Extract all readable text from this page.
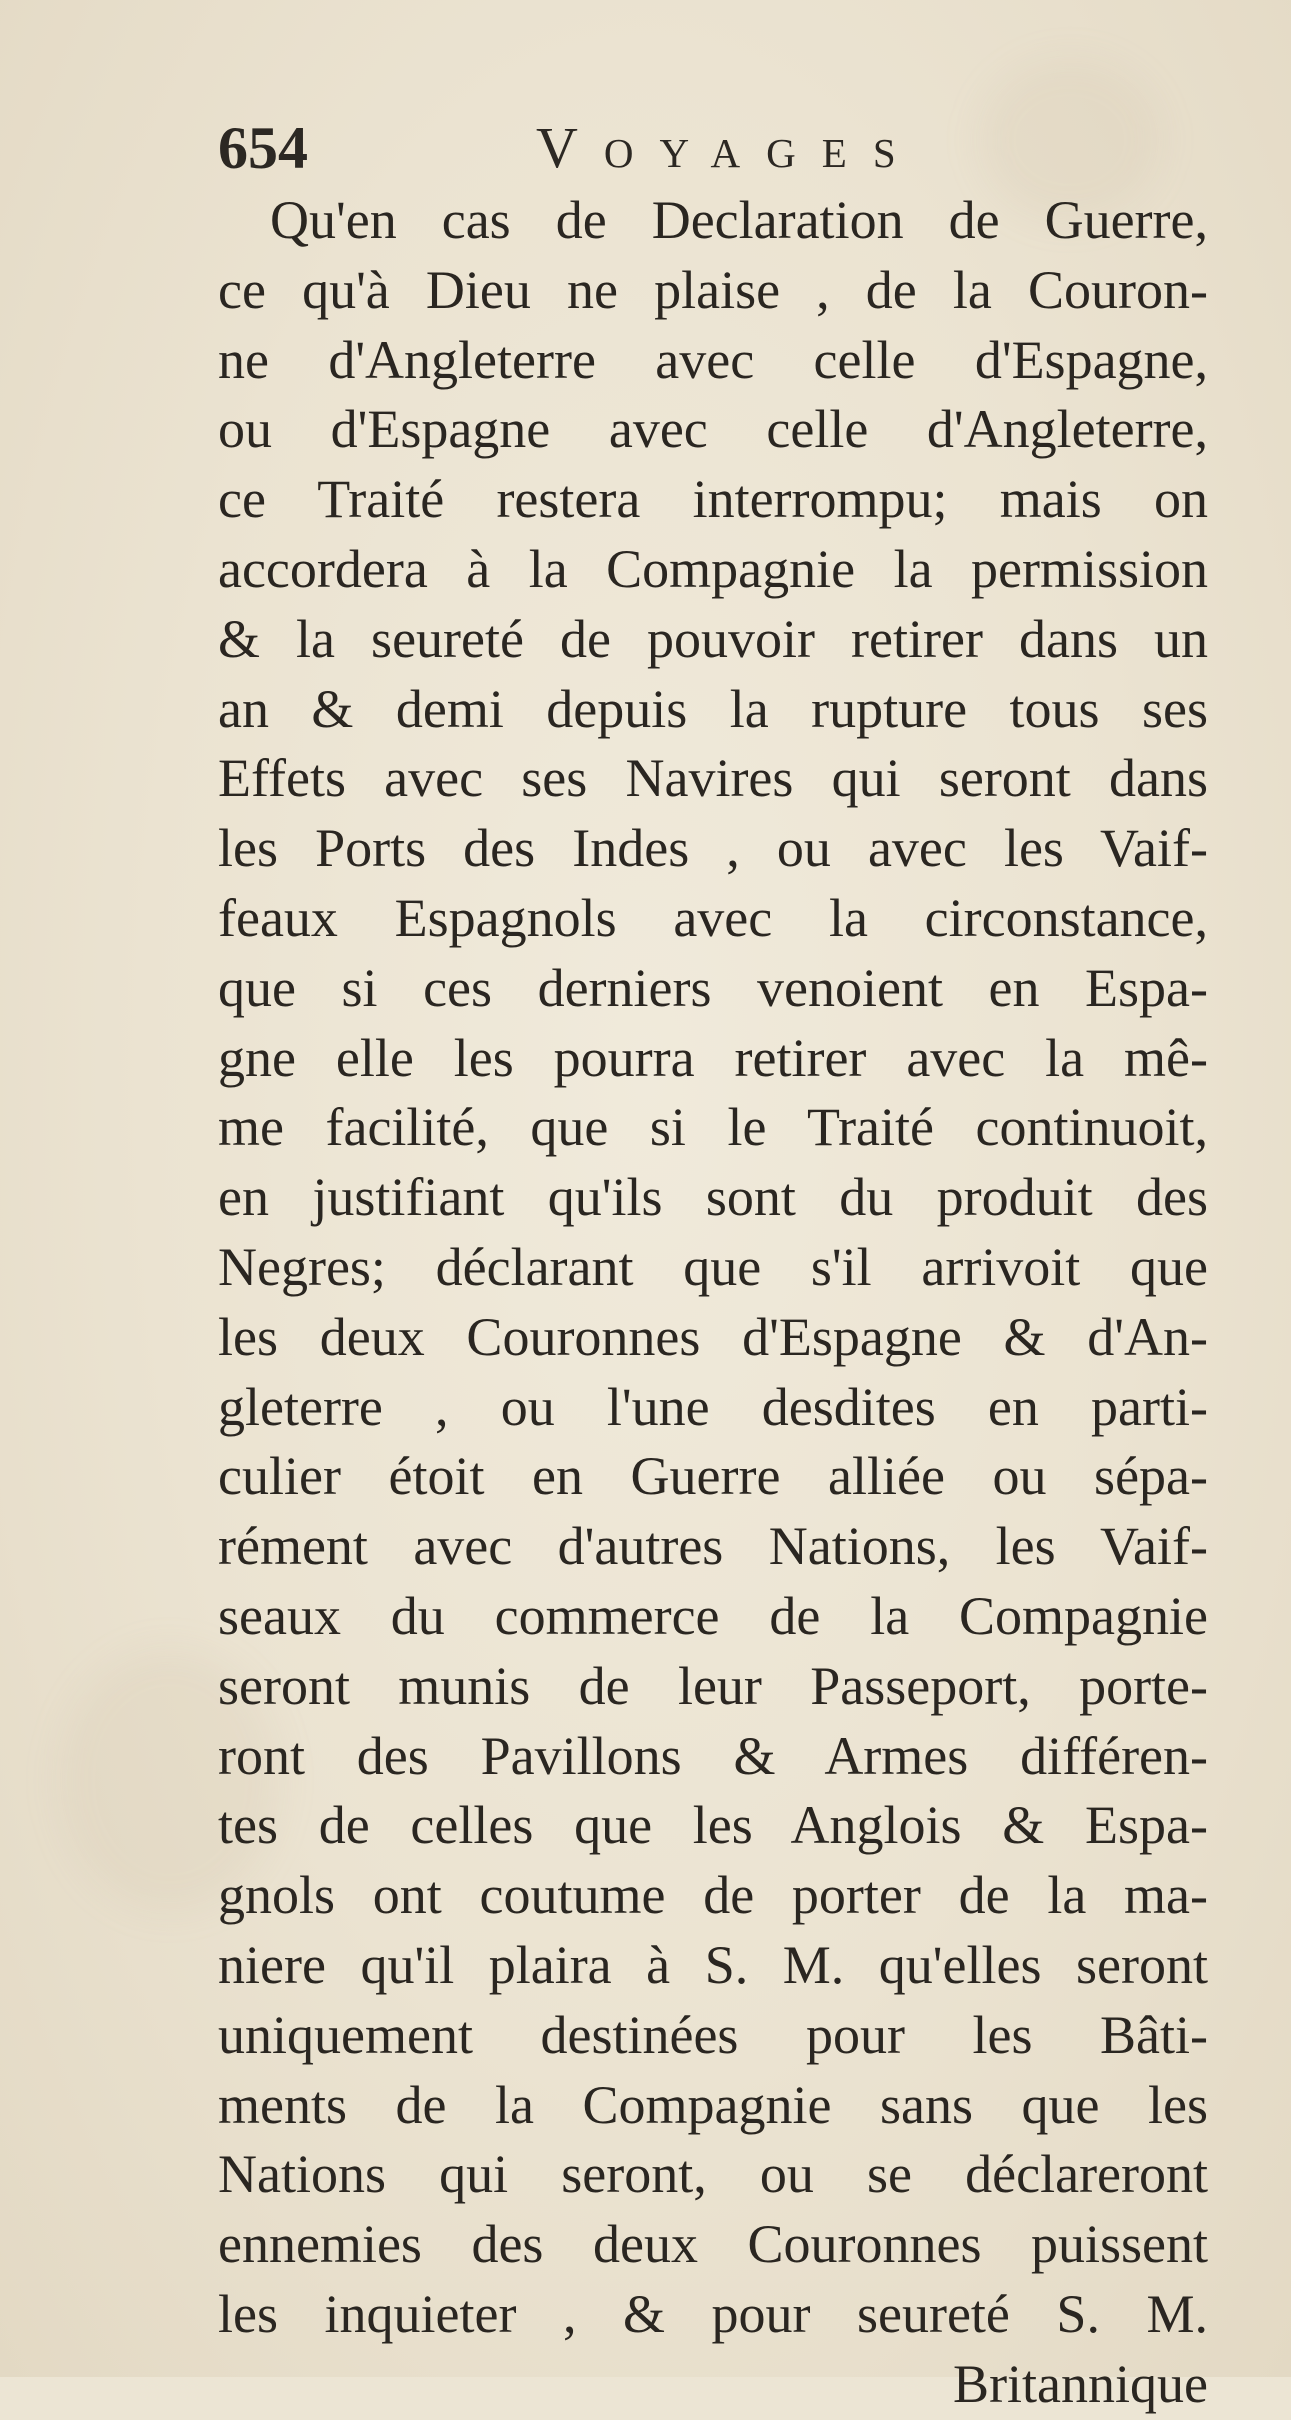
654	Voyages
Qu'en cas de Declaration de Guerre,
ce qu'à Dieu ne plaise , de la Couron-
ne d'Angleterre avec celle d'Espagne,
ou d'Espagne avec celle d'Angleterre,
ce Traité restera interrompu; mais on
accordera à la Compagnie la permission
& la seureté de pouvoir retirer dans un
an & demi depuis la rupture tous ses
Effets avec ses Navires qui seront dans
les Ports des Indes , ou avec les Vaif-
feaux Espagnols avec la circonstance,
que si ces derniers venoient en Espa-
gne elle les pourra retirer avec la mê-
me facilité, que si le Traité continuoit,
en justifiant qu'ils sont du produit des
Negres; déclarant que s'il arrivoit que
les deux Couronnes d'Espagne & d'An-
gleterre , ou l'une desdites en parti-
culier étoit en Guerre alliée ou sépa-
rément avec d'autres Nations, les Vaif-
seaux du commerce de la Compagnie
seront munis de leur Passeport, porte-
ront des Pavillons & Armes différen-
tes de celles que les Anglois & Espa-
gnols ont coutume de porter de la ma-
niere qu'il plaira à S. M. qu'elles seront
uniquement destinées pour les Bâti-
ments de la Compagnie sans que les
Nations qui seront, ou se déclareront
ennemies des deux Couronnes puissent
les inquieter , & pour seureté S. M.
Britannique
